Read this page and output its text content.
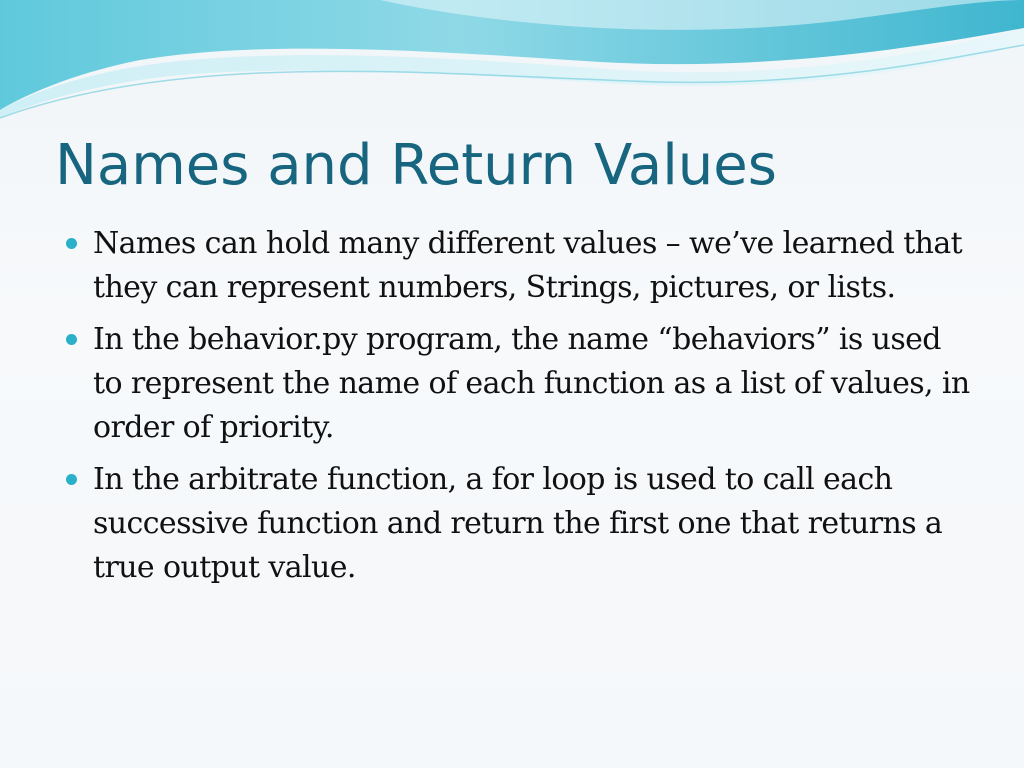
Names and Return Values
Names can hold many different values – we’ve learned that they can represent numbers, Strings, pictures, or lists.
In the behavior.py program, the name “behaviors” is used to represent the name of each function as a list of values, in order of priority.
In the arbitrate function, a for loop is used to call each successive function and return the first one that returns a true output value.
